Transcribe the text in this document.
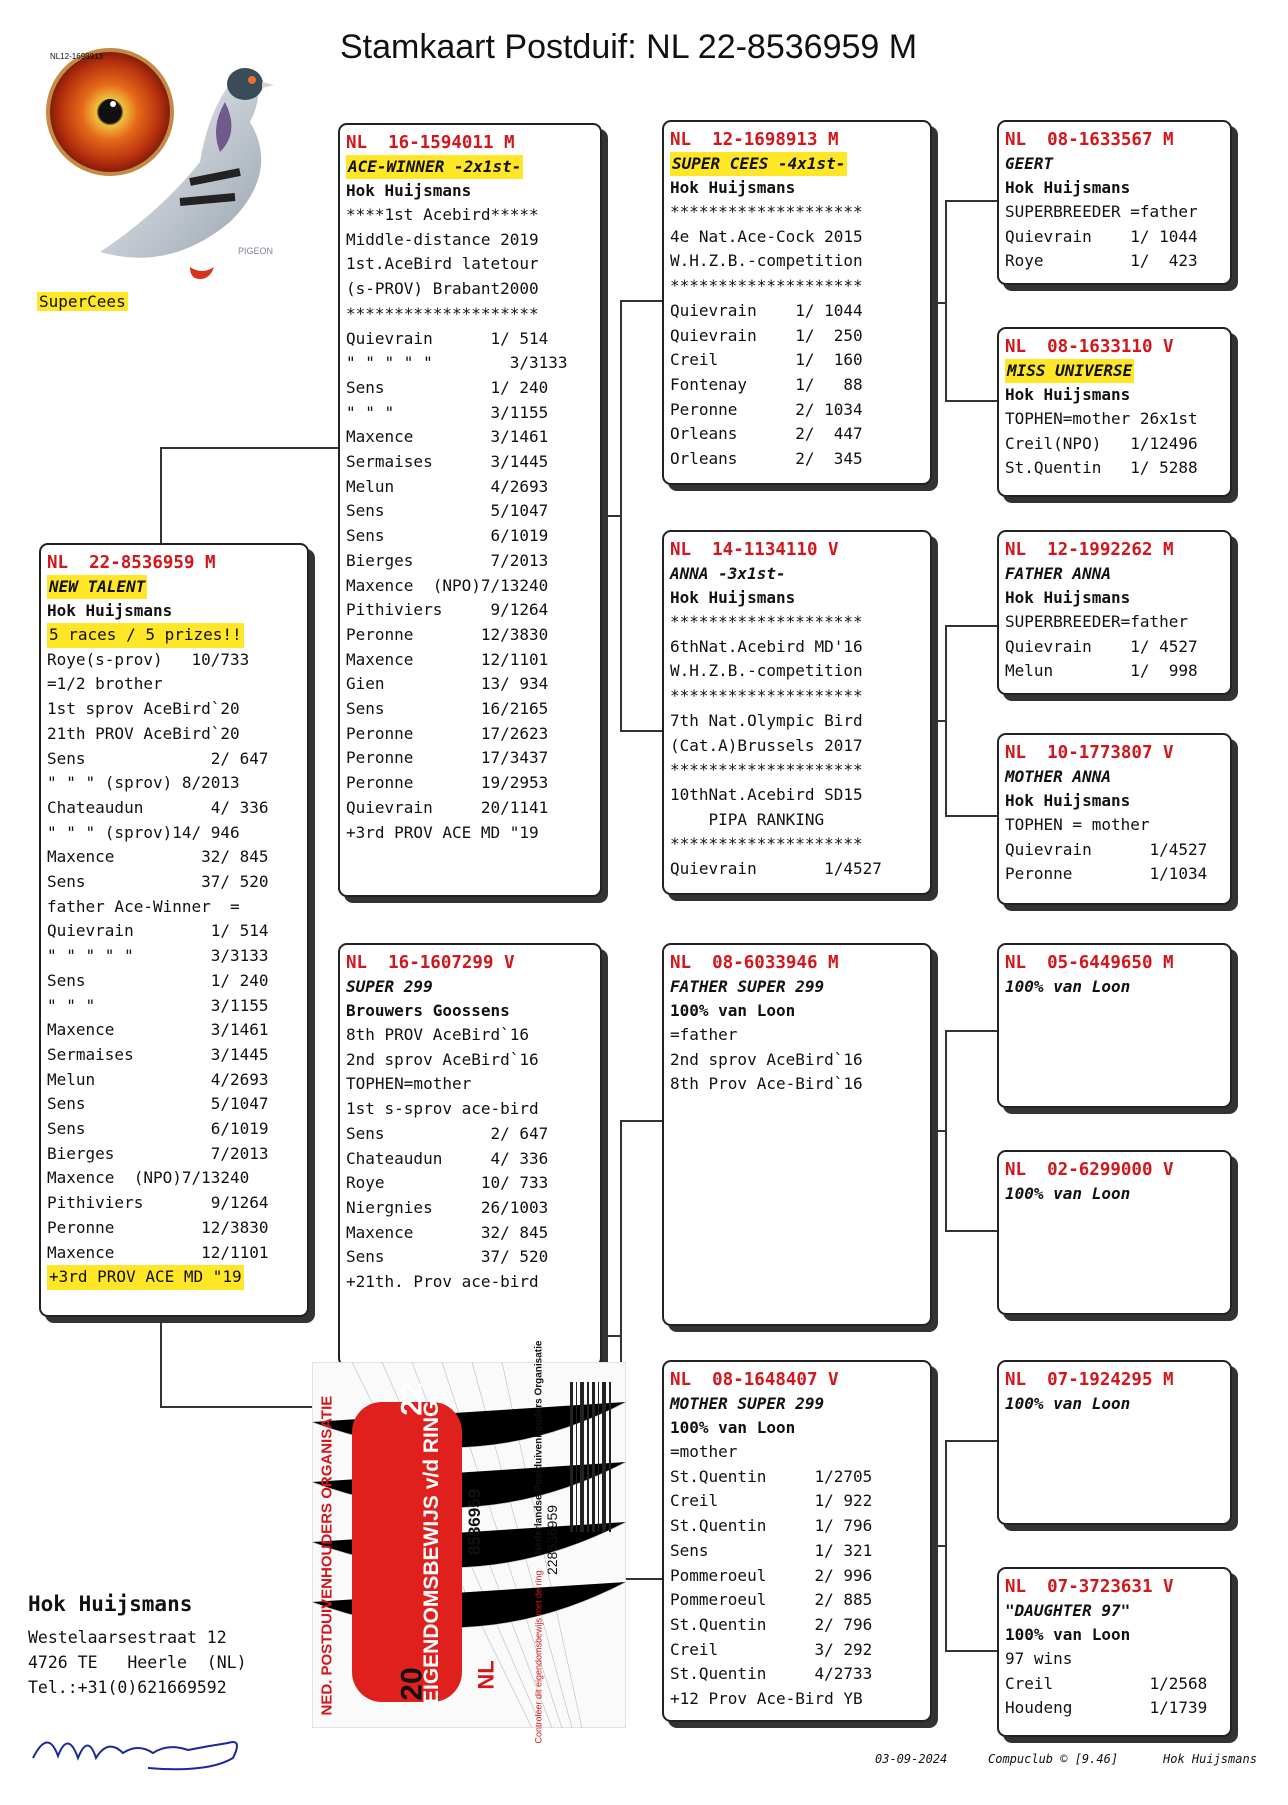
Stamkaart Postduif: NL 22-8536959 M
NL12-1698913
PIGEON
SuperCees
NL  22-8536959 M
NEW TALENT
Hok Huijsmans
5 races / 5 prizes!!
Roye(s-prov)   10/733
=1/2 brother
1st sprov AceBird`20
21th PROV AceBird`20
Sens             2/ 647
" " " (sprov) 8/2013
Chateaudun       4/ 336
" " " (sprov)14/ 946
Maxence         32/ 845
Sens            37/ 520
father Ace-Winner  =
Quievrain        1/ 514
" " " " "        3/3133
Sens             1/ 240
" " "            3/1155
Maxence          3/1461
Sermaises        3/1445
Melun            4/2693
Sens             5/1047
Sens             6/1019
Bierges          7/2013
Maxence  (NPO)7/13240
Pithiviers       9/1264
Peronne         12/3830
Maxence         12/1101
+3rd PROV ACE MD "19
NL  16-1594011 M
ACE-WINNER -2x1st-
Hok Huijsmans
****1st Acebird*****
Middle-distance 2019
1st.AceBird latetour
(s-PROV) Brabant2000
********************
Quievrain      1/ 514
" " " " "        3/3133
Sens           1/ 240
" " "          3/1155
Maxence        3/1461
Sermaises      3/1445
Melun          4/2693
Sens           5/1047
Sens           6/1019
Bierges        7/2013
Maxence  (NPO)7/13240
Pithiviers     9/1264
Peronne       12/3830
Maxence       12/1101
Gien          13/ 934
Sens          16/2165
Peronne       17/2623
Peronne       17/3437
Peronne       19/2953
Quievrain     20/1141
+3rd PROV ACE MD "19
NL  16-1607299 V
SUPER 299
Brouwers Goossens
8th PROV AceBird`16
2nd sprov AceBird`16
TOPHEN=mother
1st s-sprov ace-bird
Sens           2/ 647
Chateaudun     4/ 336
Roye          10/ 733
Niergnies     26/1003
Maxence       32/ 845
Sens          37/ 520
+21th. Prov ace-bird
NL  12-1698913 M
SUPER CEES -4x1st-
Hok Huijsmans
********************
4e Nat.Ace-Cock 2015
W.H.Z.B.-competition
********************
Quievrain    1/ 1044
Quievrain    1/  250
Creil        1/  160
Fontenay     1/   88
Peronne      2/ 1034
Orleans      2/  447
Orleans      2/  345
NL  14-1134110 V
ANNA -3x1st-
Hok Huijsmans
********************
6thNat.Acebird MD'16
W.H.Z.B.-competition
********************
7th Nat.Olympic Bird
(Cat.A)Brussels 2017
********************
10thNat.Acebird SD15
PIPA RANKING
********************
Quievrain       1/4527
NL  08-6033946 M
FATHER SUPER 299
100% van Loon
=father
2nd sprov AceBird`16
8th Prov Ace-Bird`16
NL  08-1648407 V
MOTHER SUPER 299
100% van Loon
=mother
St.Quentin     1/2705
Creil          1/ 922
St.Quentin     1/ 796
Sens           1/ 321
Pommeroeul     2/ 996
Pommeroeul     2/ 885
St.Quentin     2/ 796
Creil          3/ 292
St.Quentin     4/2733
+12 Prov Ace-Bird YB
NL  08-1633567 M
GEERT
Hok Huijsmans
SUPERBREEDER =father
Quievrain    1/ 1044
Roye         1/  423
NL  08-1633110 V
MISS UNIVERSE
Hok Huijsmans
TOPHEN=mother 26x1st
Creil(NPO)   1/12496
St.Quentin   1/ 5288
NL  12-1992262 M
FATHER ANNA
Hok Huijsmans
SUPERBREEDER=father
Quievrain    1/ 4527
Melun        1/  998
NL  10-1773807 V
MOTHER ANNA
Hok Huijsmans
TOPHEN = mother
Quievrain      1/4527
Peronne        1/1034
NL  05-6449650 M
100% van Loon
NL  02-6299000 V
100% van Loon
NL  07-1924295 M
100% van Loon
NL  07-3723631 V
"DAUGHTER 97"
100% van Loon
97 wins
Creil          1/2568
Houdeng        1/1739
NED. POSTDUIVENHOUDERS ORGANISATIE	EIGENDOMSBEWIJS v/d RING
22
20 NL
8536959	Nederlandse Postduivenhouders Organisatie 228536959
Controleer dit eigendomsbewijs met de ring
Hok Huijsmans
Westelaarsestraat 12
4726 TE   Heerle  (NL)
Tel.:+31(0)621669592
03-09-2024	Compuclub © [9.46]	Hok Huijsmans
